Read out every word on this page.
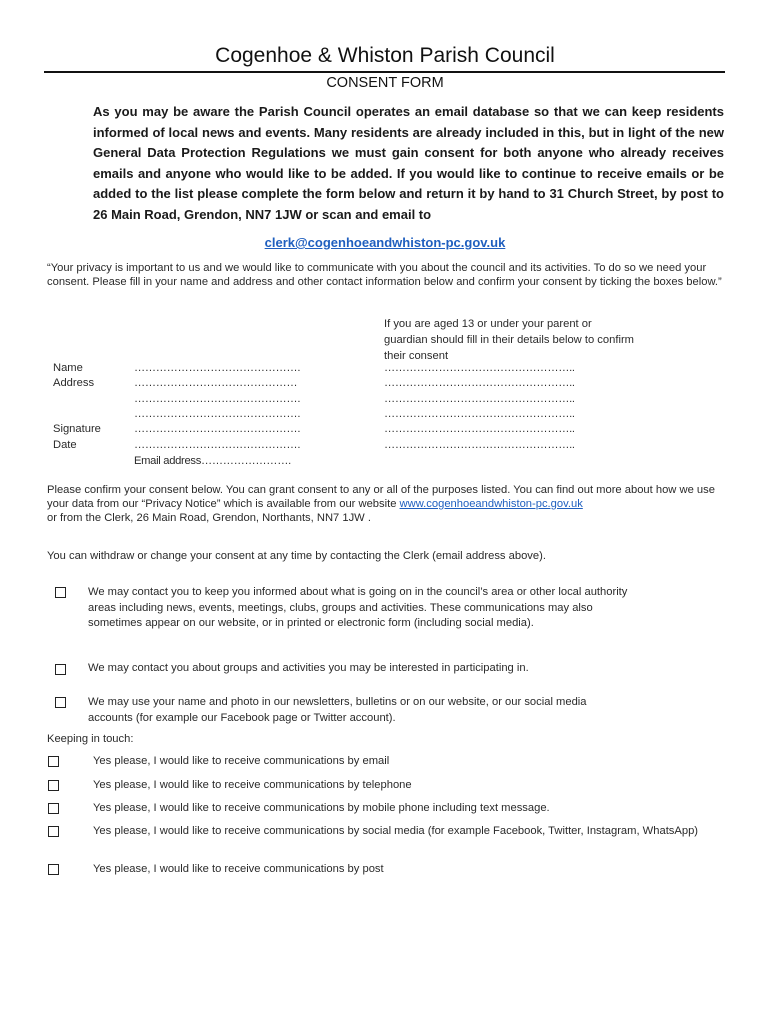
Cogenhoe & Whiston Parish Council
CONSENT FORM
As you may be aware the Parish Council operates an email database so that we can keep residents informed of local news and events. Many residents are already included in this, but in light of the new General Data Protection Regulations we must gain consent for both anyone who already receives emails and anyone who would like to be added. If you would like to continue to receive emails or be added to the list please complete the form below and return it by hand to 31 Church Street, by post to 26 Main Road, Grendon, NN7 1JW or scan and email to
clerk@cogenhoeandwhiston-pc.gov.uk
“Your privacy is important to us and we would like to communicate with you about the council and its activities. To do so we need your consent. Please fill in your name and address and other contact information below and confirm your consent by ticking the boxes below.”
If you are aged 13 or under your parent or guardian should fill in their details below to confirm their consent
Name
Address
Signature
Date
……………………………………….
………………………………………
……………………………………….
……………………………………….
……………………………………….
……………………………………….
Email address…………………….
……………………………………………..
……………………………………………..
……………………………………………..
……………………………………………..
……………………………………………..
……………………………………………..
Please confirm your consent below. You can grant consent to any or all of the purposes listed. You can find out more about how we use your data from our “Privacy Notice” which is available from our website www.cogenhoeandwhiston-pc.gov.uk
or from the Clerk, 26 Main Road, Grendon, Northants, NN7 1JW .
You can withdraw or change your consent at any time by contacting the Clerk (email address above).
We may contact you to keep you informed about what is going on in the council’s area or other local authority areas including news, events, meetings, clubs, groups and activities. These communications may also sometimes appear on our website, or in printed or electronic form (including social media).
We may contact you about groups and activities you may be interested in participating in.
We may use your name and photo in our newsletters, bulletins or on our website, or our social media accounts (for example our Facebook page or Twitter account).
Keeping in touch:
Yes please, I would like to receive communications by email
Yes please, I would like to receive communications by telephone
Yes please, I would like to receive communications by mobile phone including text message.
Yes please, I would like to receive communications by social media (for example Facebook, Twitter, Instagram, WhatsApp)
Yes please, I would like to receive communications by post
